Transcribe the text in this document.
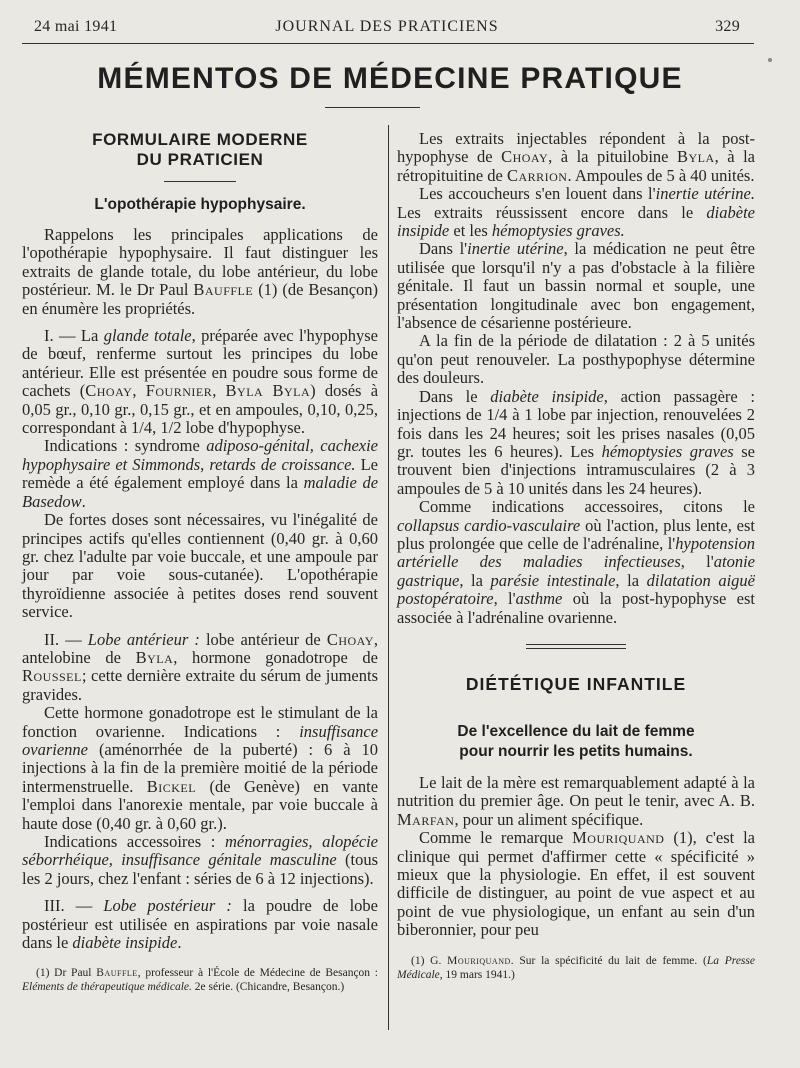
24 mai 1941	JOURNAL DES PRATICIENS	329
MÉMENTOS DE MÉDECINE PRATIQUE
FORMULAIRE MODERNE
DU PRATICIEN
L'opothérapie hypophysaire.

Rappelons les principales applications de l'opothérapie hypophysaire. Il faut distinguer les extraits de glande totale, du lobe antérieur, du lobe postérieur. M. le Dr Paul Bauffle (1) (de Besançon) en énumère les propriétés.

I. — La glande totale, préparée avec l'hypophyse de bœuf, renferme surtout les principes du lobe antérieur. Elle est présentée en poudre sous forme de cachets (Choay, Fournier, Byla Byla) dosés à 0,05 gr., 0,10 gr., 0,15 gr., et en ampoules, 0,10, 0,25, correspondant à 1/4, 1/2 lobe d'hypophyse.

Indications : syndrome adiposo-génital, cachexie hypophysaire et Simmonds, retards de croissance. Le remède a été également employé dans la maladie de Basedow.

De fortes doses sont nécessaires, vu l'inégalité de principes actifs qu'elles contiennent (0,40 gr. à 0,60 gr. chez l'adulte par voie buccale, et une ampoule par jour par voie sous-cutanée). L'opothérapie thyroïdienne associée à petites doses rend souvent service.

II. — Lobe antérieur : lobe antérieur de Choay, antelobine de Byla, hormone gonadotrope de Roussel; cette dernière extraite du sérum de juments gravides.

Cette hormone gonadotrope est le stimulant de la fonction ovarienne. Indications : insuffisance ovarienne (aménorrhée de la puberté) : 6 à 10 injections à la fin de la première moitié de la période intermenstruelle. Bickel (de Genève) en vante l'emploi dans l'anorexie mentale, par voie buccale à haute dose (0,40 gr. à 0,60 gr.).

Indications accessoires : ménorragies, alopécie séborrhéique, insuffisance génitale masculine (tous les 2 jours, chez l'enfant : séries de 6 à 12 injections).

III. — Lobe postérieur : la poudre de lobe postérieur est utilisée en aspirations par voie nasale dans le diabète insipide.

(1) Dr Paul Bauffle, professeur à l'École de Médecine de Besançon : Eléments de thérapeutique médicale. 2e série. (Chicandre, Besançon.)

Les extraits injectables répondent à la post-hypophyse de Choay, à la pituilobine Byla, à la rétropituitine de Carrion. Ampoules de 5 à 40 unités.

Les accoucheurs s'en louent dans l'inertie utérine. Les extraits réussissent encore dans le diabète insipide et les hémoptysies graves.

Dans l'inertie utérine, la médication ne peut être utilisée que lorsqu'il n'y a pas d'obstacle à la filière génitale. Il faut un bassin normal et souple, une présentation longitudinale avec bon engagement, l'absence de césarienne postérieure.

A la fin de la période de dilatation : 2 à 5 unités qu'on peut renouveler. La posthypophyse détermine des douleurs.

Dans le diabète insipide, action passagère : injections de 1/4 à 1 lobe par injection, renouvelées 2 fois dans les 24 heures; soit les prises nasales (0,05 gr. toutes les 6 heures). Les hémoptysies graves se trouvent bien d'injections intramusculaires (2 à 3 ampoules de 5 à 10 unités dans les 24 heures).

Comme indications accessoires, citons le collapsus cardio-vasculaire où l'action, plus lente, est plus prolongée que celle de l'adrénaline, l'hypotension artérielle des maladies infectieuses, l'atonie gastrique, la parésie intestinale, la dilatation aiguë postopératoire, l'asthme où la post-hypophyse est associée à l'adrénaline ovarienne.

DIÉTÉTIQUE INFANTILE
De l'excellence du lait de femme
pour nourrir les petits humains.

Le lait de la mère est remarquablement adapté à la nutrition du premier âge. On peut le tenir, avec A. B. Marfan, pour un aliment spécifique.

Comme le remarque Mouriquand (1), c'est la clinique qui permet d'affirmer cette « spécificité » mieux que la physiologie. En effet, il est souvent difficile de distinguer, au point de vue aspect et au point de vue physiologique, un enfant au sein d'un biberonnier, pour peu

(1) G. Mouriquand. Sur la spécificité du lait de femme. (La Presse Médicale, 19 mars 1941.)
